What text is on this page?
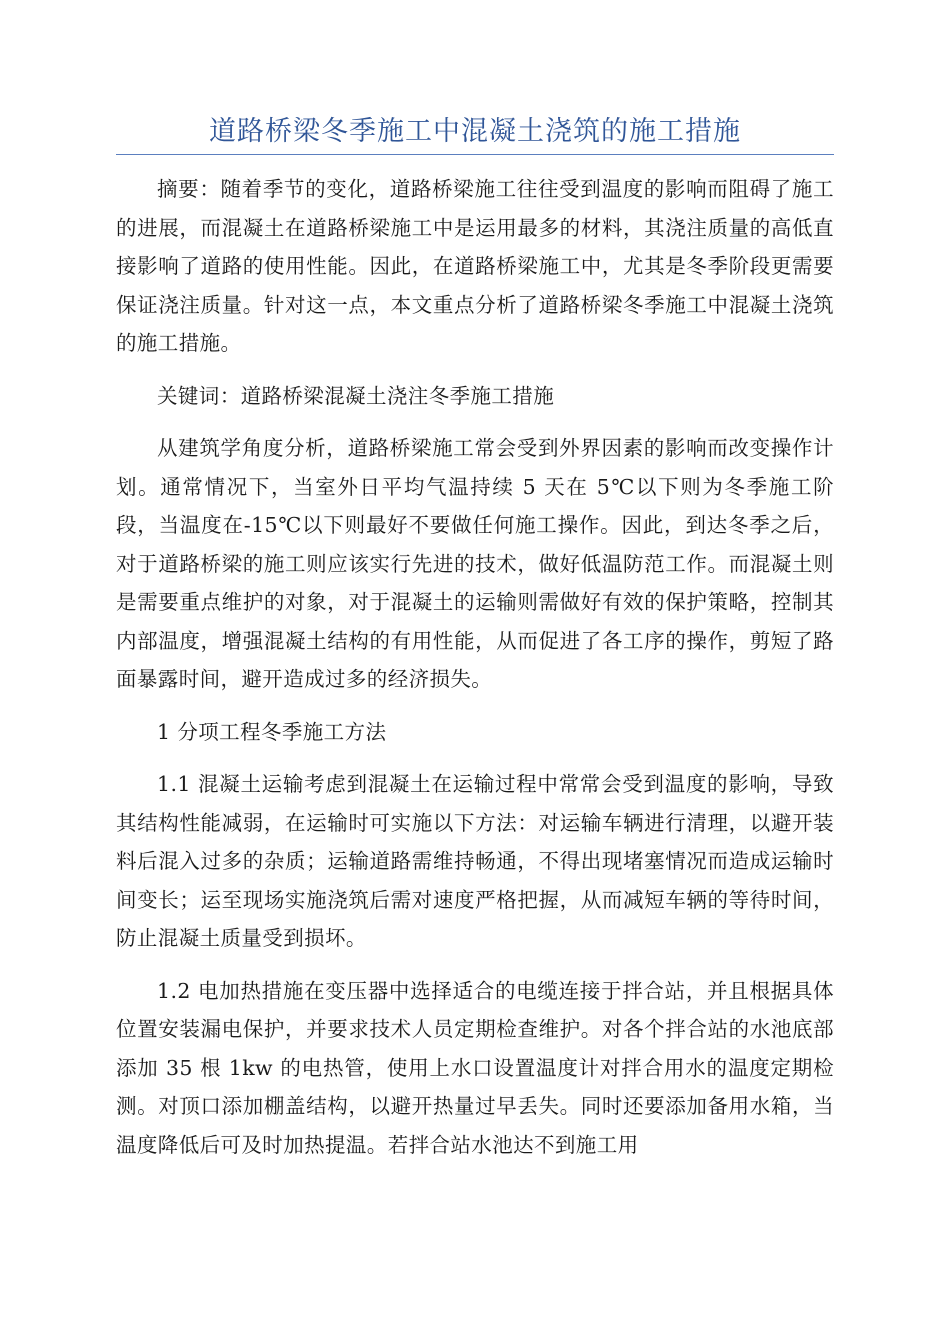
道路桥梁冬季施工中混凝土浇筑的施工措施

摘要：随着季节的变化，道路桥梁施工往往受到温度的影响而阻碍了施工的进展，而混凝土在道路桥梁施工中是运用最多的材料，其浇注质量的高低直接影响了道路的使用性能。因此，在道路桥梁施工中，尤其是冬季阶段更需要保证浇注质量。针对这一点，本文重点分析了道路桥梁冬季施工中混凝土浇筑的施工措施。

关键词：道路桥梁混凝土浇注冬季施工措施

从建筑学角度分析，道路桥梁施工常会受到外界因素的影响而改变操作计划。通常情况下，当室外日平均气温持续 5 天在 5℃以下则为冬季施工阶段，当温度在-15℃以下则最好不要做任何施工操作。因此，到达冬季之后，对于道路桥梁的施工则应该实行先进的技术，做好低温防范工作。而混凝土则是需要重点维护的对象，对于混凝土的运输则需做好有效的保护策略，控制其内部温度，增强混凝土结构的有用性能，从而促进了各工序的操作，剪短了路面暴露时间，避开造成过多的经济损失。

1 分项工程冬季施工方法

1.1 混凝土运输考虑到混凝土在运输过程中常常会受到温度的影响，导致其结构性能减弱，在运输时可实施以下方法：对运输车辆进行清理，以避开装料后混入过多的杂质；运输道路需维持畅通，不得出现堵塞情况而造成运输时间变长；运至现场实施浇筑后需对速度严格把握，从而减短车辆的等待时间，防止混凝土质量受到损坏。

1.2 电加热措施在变压器中选择适合的电缆连接于拌合站，并且根据具体位置安装漏电保护，并要求技术人员定期检查维护。对各个拌合站的水池底部添加 35 根 1kw 的电热管，使用上水口设置温度计对拌合用水的温度定期检测。对顶口添加棚盖结构，以避开热量过早丢失。同时还要添加备用水箱，当温度降低后可及时加热提温。若拌合站水池达不到施工用
